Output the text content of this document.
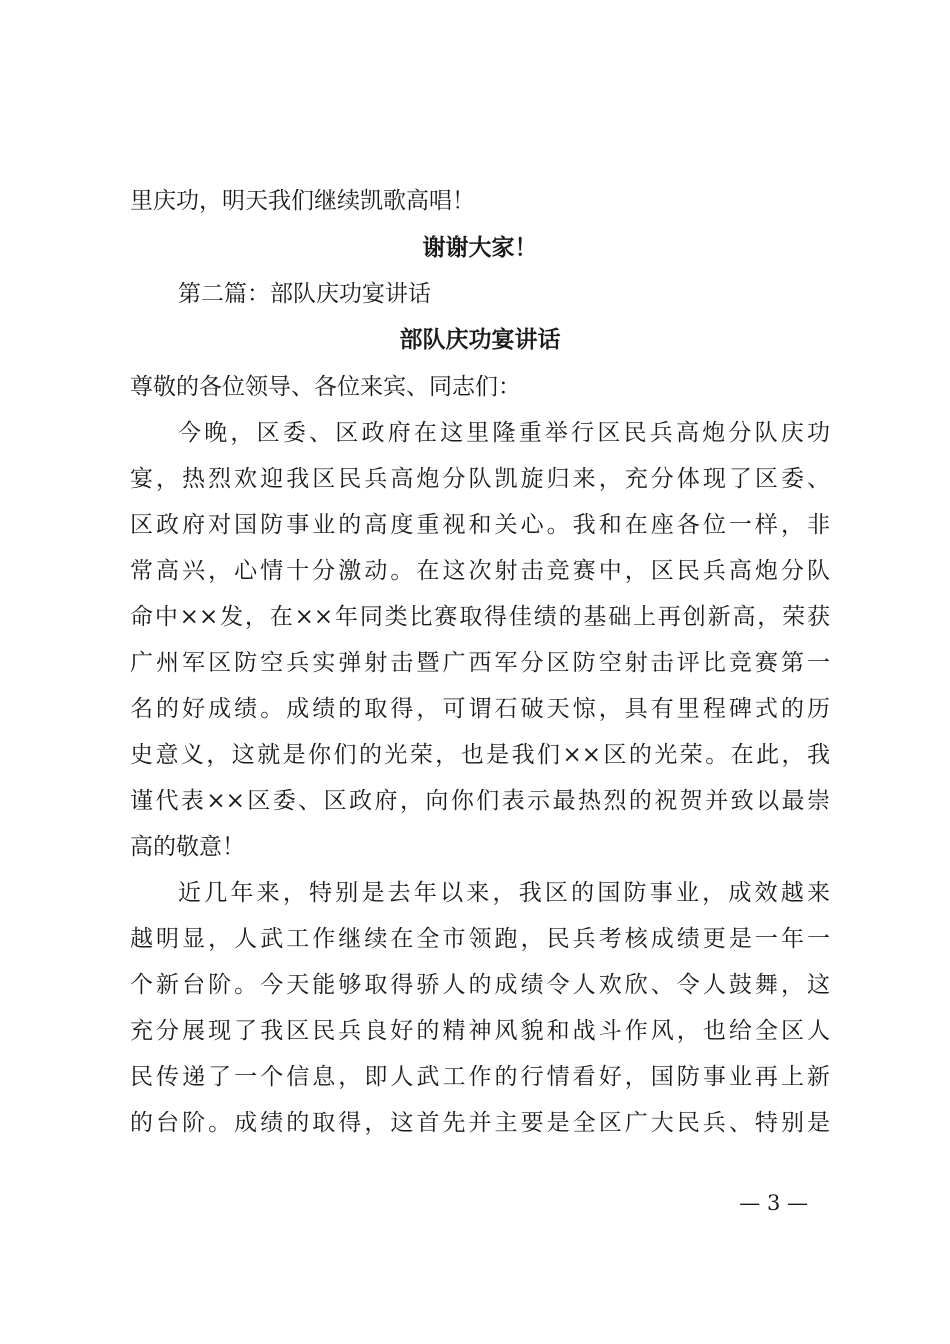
里庆功，明天我们继续凯歌高唱！
谢谢大家！
第二篇：部队庆功宴讲话
部队庆功宴讲话
尊敬的各位领导、各位来宾、同志们：
今晚，区委、区政府在这里隆重举行区民兵高炮分队庆功
宴，热烈欢迎我区民兵高炮分队凯旋归来，充分体现了区委、
区政府对国防事业的高度重视和关心。我和在座各位一样，非
常高兴，心情十分激动。在这次射击竞赛中，区民兵高炮分队
命中××发，在××年同类比赛取得佳绩的基础上再创新高，荣获
广州军区防空兵实弹射击暨广西军分区防空射击评比竞赛第一
名的好成绩。成绩的取得，可谓石破天惊，具有里程碑式的历
史意义，这就是你们的光荣，也是我们××区的光荣。在此，我
谨代表××区委、区政府，向你们表示最热烈的祝贺并致以最崇
高的敬意！
近几年来，特别是去年以来，我区的国防事业，成效越来
越明显，人武工作继续在全市领跑，民兵考核成绩更是一年一
个新台阶。今天能够取得骄人的成绩令人欢欣、令人鼓舞，这
充分展现了我区民兵良好的精神风貌和战斗作风，也给全区人
民传递了一个信息，即人武工作的行情看好，国防事业再上新
的台阶。成绩的取得，这首先并主要是全区广大民兵、特别是
— 3 —
